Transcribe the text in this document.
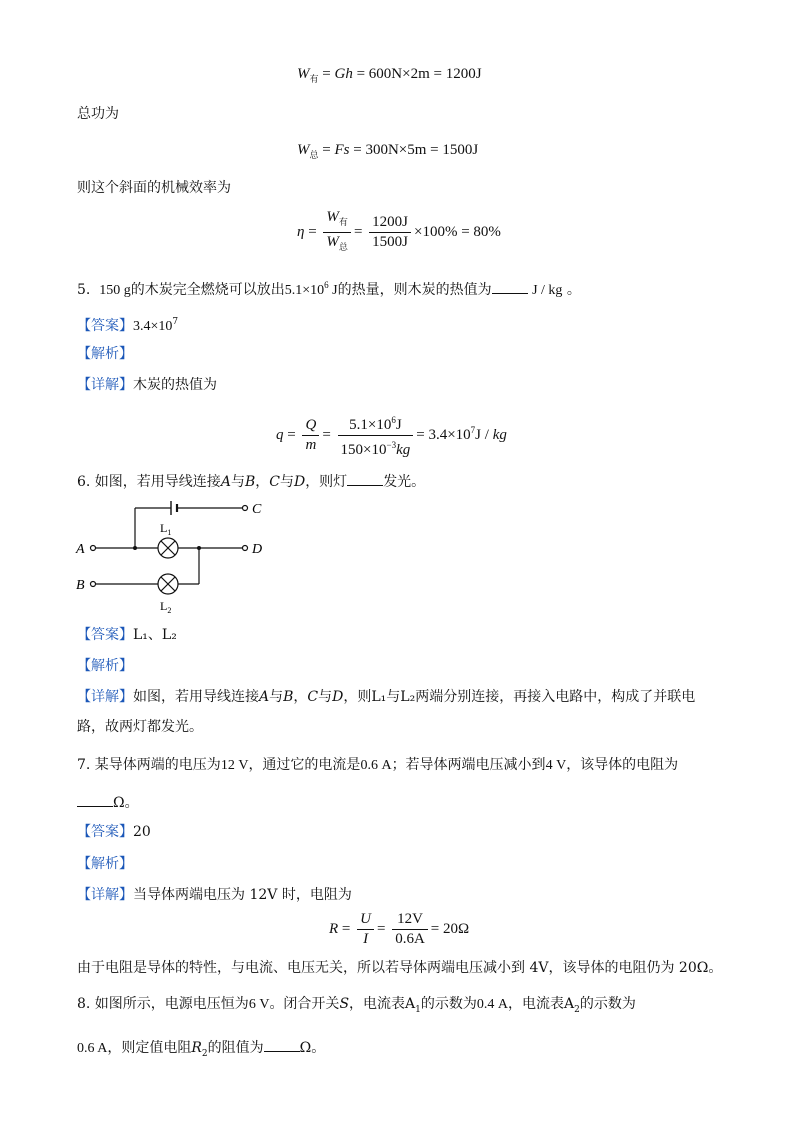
$W_有 = Gh = 600N\times 2m = 1200J$
总功为
$W_总 = Fs = 300N\times 5m = 1500J$
则这个斜面的机械效率为
$\eta = \frac{W_有}{W_总} = \frac{1200J}{1500J} \times 100\% = 80\%$
5. 150 g的木炭完全燃烧可以放出$5.1\times 10^6$ J的热量，则木炭的热值为	J / kg 。
【答案】$3.4\times 10^7$
【解析】
【详解】木炭的热值为
$q = \frac{Q}{m} = \frac{5.1\times 10^6J}{150\times 10^{-3}kg} = 3.4\times 10^7J$ / kg
6. 如图，若用导线连接A与B，C与D，则灯	发光。
A
B
C
D
$L_1$
$L_2$
【答案】L₁、L₂
【解析】
【详解】如图，若用导线连接A与B，C与D，则L₁与L₂两端分别连接，再接入电路中，构成了并联电
路，故两灯都发光。
7. 某导体两端的电压为12 V，通过它的电流是0.6 A；若导体两端电压减小到4 V，该导体的电阻为
Ω。
【答案】20
【解析】
【详解】当导体两端电压为 12V 时，电阻为
$R = \frac{U}{I} = \frac{12V}{0.6A} = 20\Omega$
由于电阻是导体的特性，与电流、电压无关，所以若导体两端电压减小到 4V，该导体的电阻仍为 20Ω。
8. 如图所示，电源电压恒为6 V。闭合开关S，电流表$A_1$的示数为0.4 A，电流表$A_2$的示数为
0.6 A，则定值电阻$R_2$的阻值为	Ω。
